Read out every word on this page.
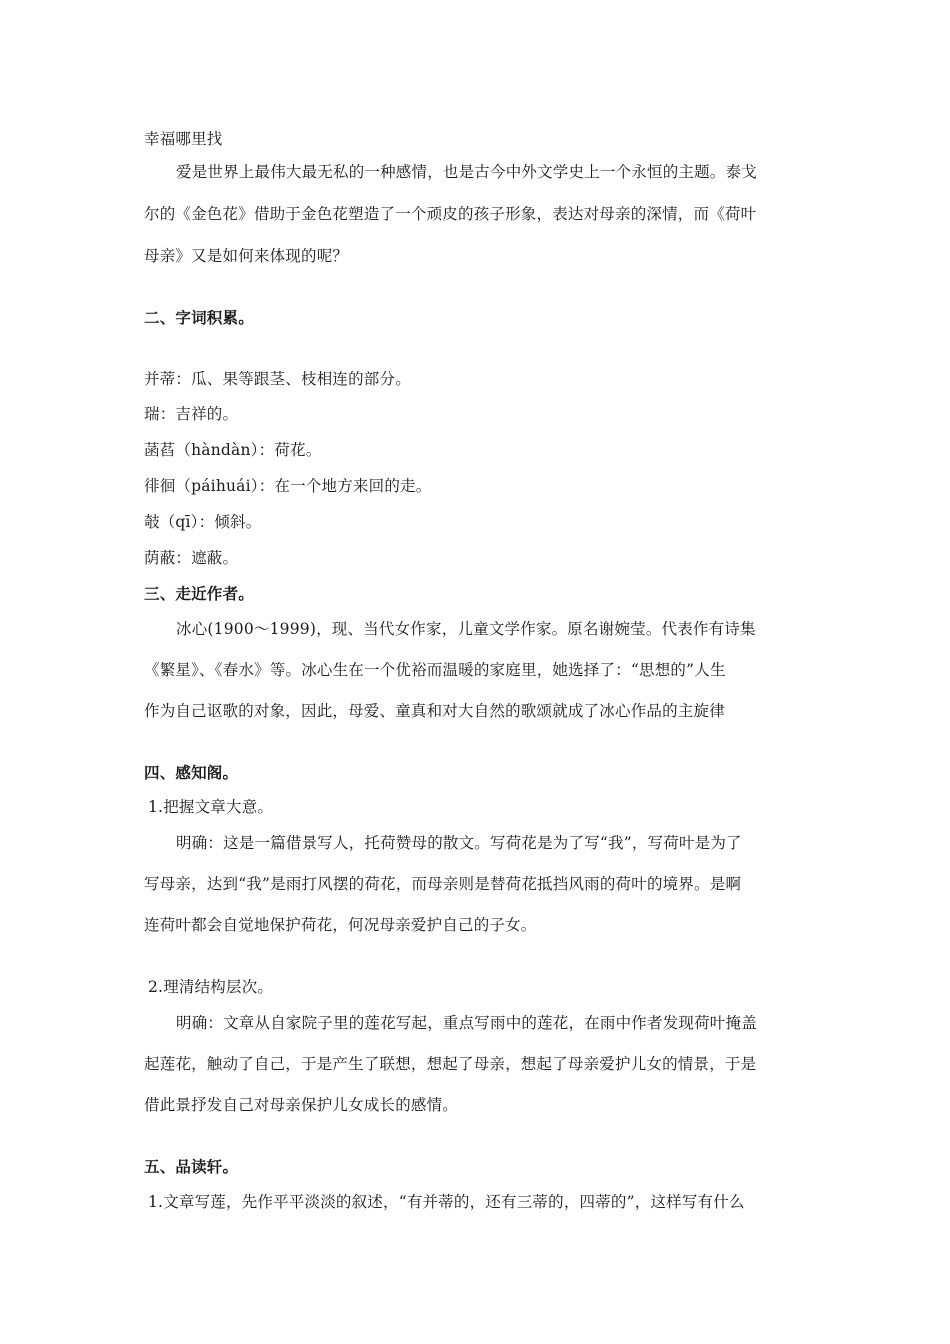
幸福哪里找
爱是世界上最伟大最无私的一种感情，也是古今中外文学史上一个永恒的主题。泰戈
尔的《金色花》借助于金色花塑造了一个顽皮的孩子形象，表达对母亲的深情，而《荷叶
母亲》又是如何来体现的呢？
二、字词积累。
并蒂：瓜、果等跟茎、枝相连的部分。
瑞：吉祥的。
菡萏（hàndàn）：荷花。
徘徊（páihuái）：在一个地方来回的走。
攲（qī）：倾斜。
荫蔽：遮蔽。
三、走近作者。
冰心(1900～1999)，现、当代女作家，儿童文学作家。原名谢婉莹。代表作有诗集
《繁星》、《春水》等。冰心生在一个优裕而温暖的家庭里，她选择了：“思想的”人生
作为自己讴歌的对象，因此，母爱、童真和对大自然的歌颂就成了冰心作品的主旋律
四、感知阁。
1.把握文章大意。
明确：这是一篇借景写人，托荷赞母的散文。写荷花是为了写“我”，写荷叶是为了
写母亲，达到“我”是雨打风摆的荷花，而母亲则是替荷花抵挡风雨的荷叶的境界。是啊
连荷叶都会自觉地保护荷花，何况母亲爱护自己的子女。
2.理清结构层次。
明确：文章从自家院子里的莲花写起，重点写雨中的莲花，在雨中作者发现荷叶掩盖
起莲花，触动了自己，于是产生了联想，想起了母亲，想起了母亲爱护儿女的情景，于是
借此景抒发自己对母亲保护儿女成长的感情。
五、品读轩。
1.文章写莲，先作平平淡淡的叙述，“有并蒂的，还有三蒂的，四蒂的”，这样写有什么
